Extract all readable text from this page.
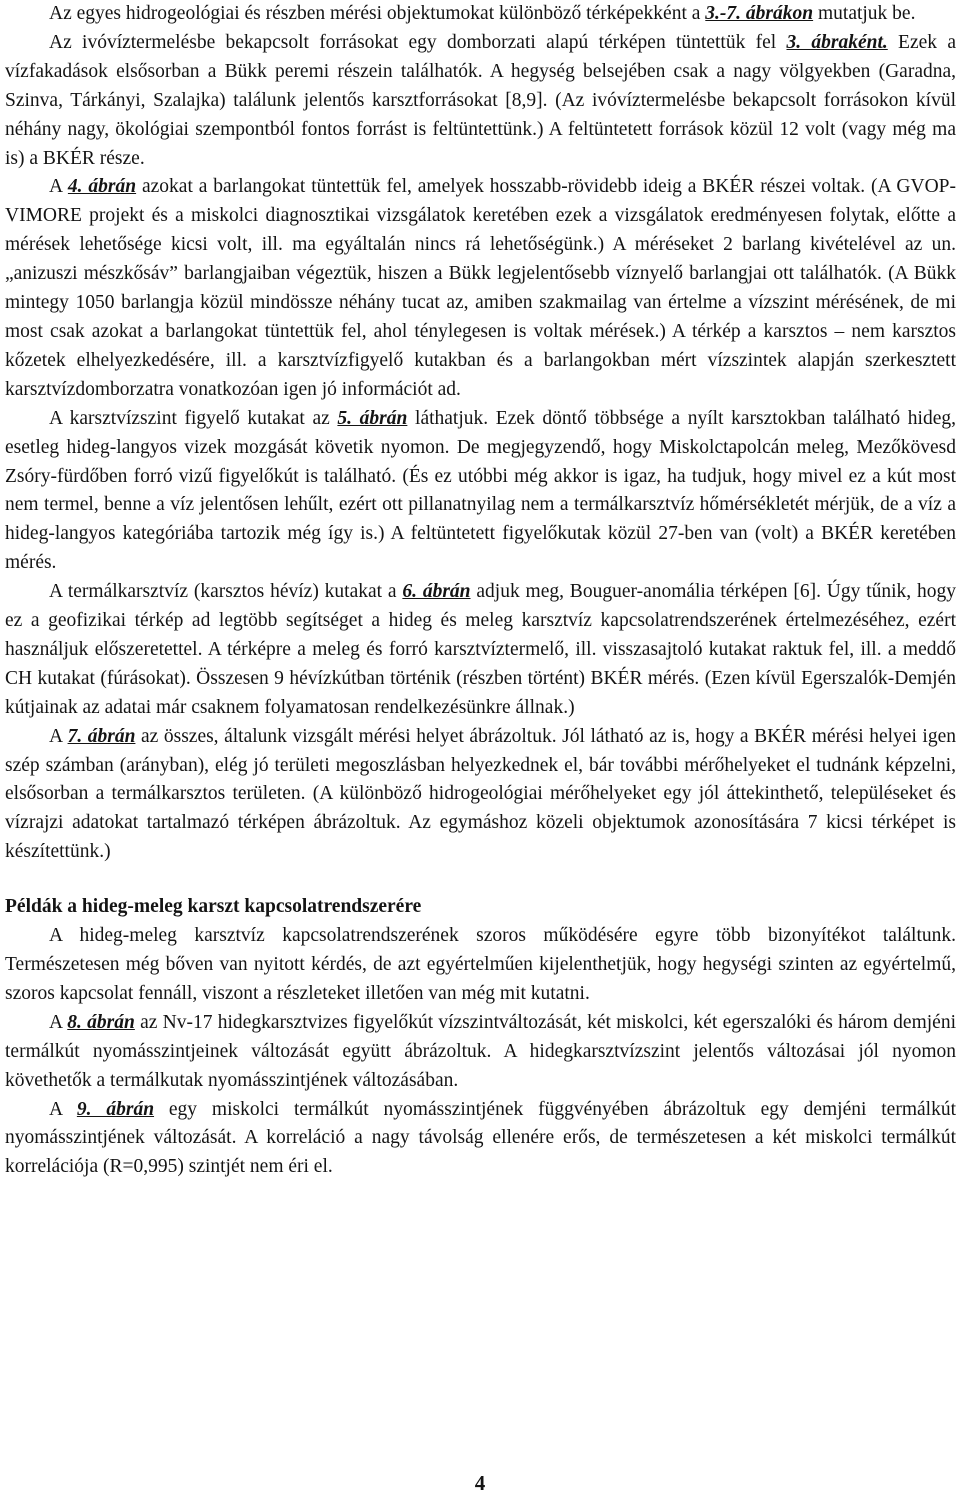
Az egyes hidrogeológiai és részben mérési objektumokat különböző térképekként a 3.-7. ábrákon mutatjuk be.

Az ivóvíztermelésbe bekapcsolt forrásokat egy domborzati alapú térképen tüntettük fel 3. ábraként. Ezek a vízfakadások elsősorban a Bükk peremi részein találhatók. A hegység belsejében csak a nagy völgyekben (Garadna, Szinva, Tárkányi, Szalajka) találunk jelentős karsztforrásokat [8,9]. (Az ivóvíztermelésbe bekapcsolt forrásokon kívül néhány nagy, ökológiai szempontból fontos forrást is feltüntettünk.) A feltüntetett források közül 12 volt (vagy még ma is) a BKÉR része.

A 4. ábrán azokat a barlangokat tüntettük fel, amelyek hosszabb-rövidebb ideig a BKÉR részei voltak. (A GVOP-VIMORE projekt és a miskolci diagnosztikai vizsgálatok keretében ezek a vizsgálatok eredményesen folytak, előtte a mérések lehetősége kicsi volt, ill. ma egyáltalán nincs rá lehetőségünk.) A méréseket 2 barlang kivételével az un. „anizuszi mészkősáv” barlangjaiban végeztük, hiszen a Bükk legjelentősebb víznyelő barlangjai ott találhatók. (A Bükk mintegy 1050 barlangja közül mindössze néhány tucat az, amiben szakmailag van értelme a vízszint mérésének, de mi most csak azokat a barlangokat tüntettük fel, ahol ténylegesen is voltak mérések.) A térkép a karsztos – nem karsztos kőzetek elhelyezkedésére, ill. a karsztvízfigyelő kutakban és a barlangokban mért vízszintek alapján szerkesztett karsztvízdomborzatra vonatkozóan igen jó információt ad.

A karsztvízszint figyelő kutakat az 5. ábrán láthatjuk. Ezek döntő többsége a nyílt karsztokban található hideg, esetleg hideg-langyos vizek mozgását követik nyomon. De megjegyzendő, hogy Miskolctapolcán meleg, Mezőkövesd Zsóry-fürdőben forró vizű figyelőkút is található. (És ez utóbbi még akkor is igaz, ha tudjuk, hogy mivel ez a kút most nem termel, benne a víz jelentősen lehűlt, ezért ott pillanatnyilag nem a termálkarsztvíz hőmérsékletét mérjük, de a víz a hideg-langyos kategóriába tartozik még így is.) A feltüntetett figyelőkutak közül 27-ben van (volt) a BKÉR keretében mérés.

A termálkarsztvíz (karsztos hévíz) kutakat a 6. ábrán adjuk meg, Bouguer-anomália térképen [6]. Úgy tűnik, hogy ez a geofizikai térkép ad legtöbb segítséget a hideg és meleg karsztvíz kapcsolatrendszerének értelmezéséhez, ezért használjuk előszeretettel. A térképre a meleg és forró karsztvíztermelő, ill. visszasajtoló kutakat raktuk fel, ill. a meddő CH kutakat (fúrásokat). Összesen 9 hévízkútban történik (részben történt) BKÉR mérés. (Ezen kívül Egerszalók-Demjén kútjainak az adatai már csaknem folyamatosan rendelkezésünkre állnak.)

A 7. ábrán az összes, általunk vizsgált mérési helyet ábrázoltuk. Jól látható az is, hogy a BKÉR mérési helyei igen szép számban (arányban), elég jó területi megoszlásban helyezkednek el, bár további mérőhelyeket el tudnánk képzelni, elsősorban a termálkarsztos területen. (A különböző hidrogeológiai mérőhelyeket egy jól áttekinthető, településeket és vízrajzi adatokat tartalmazó térképen ábrázoltuk. Az egymáshoz közeli objektumok azonosítására 7 kicsi térképet is készítettünk.)

Példák a hideg-meleg karszt kapcsolatrendszerére

A hideg-meleg karsztvíz kapcsolatrendszerének szoros működésére egyre több bizonyítékot találtunk. Természetesen még bőven van nyitott kérdés, de azt egyértelműen kijelenthetjük, hogy hegységi szinten az egyértelmű, szoros kapcsolat fennáll, viszont a részleteket illetően van még mit kutatni.

A 8. ábrán az Nv-17 hidegkarsztvizes figyelőkút vízszintváltozását, két miskolci, két egerszalóki és három demjéni termálkút nyomásszintjeinek változását együtt ábrázoltuk. A hidegkarsztvízszint jelentős változásai jól nyomon követhetők a termálkutak nyomásszintjének változásában.

A 9. ábrán egy miskolci termálkút nyomásszintjének függvényében ábrázoltuk egy demjéni termálkút nyomásszintjének változását. A korreláció a nagy távolság ellenére erős, de természetesen a két miskolci termálkút korrelációja (R=0,995) szintjét nem éri el.

4
